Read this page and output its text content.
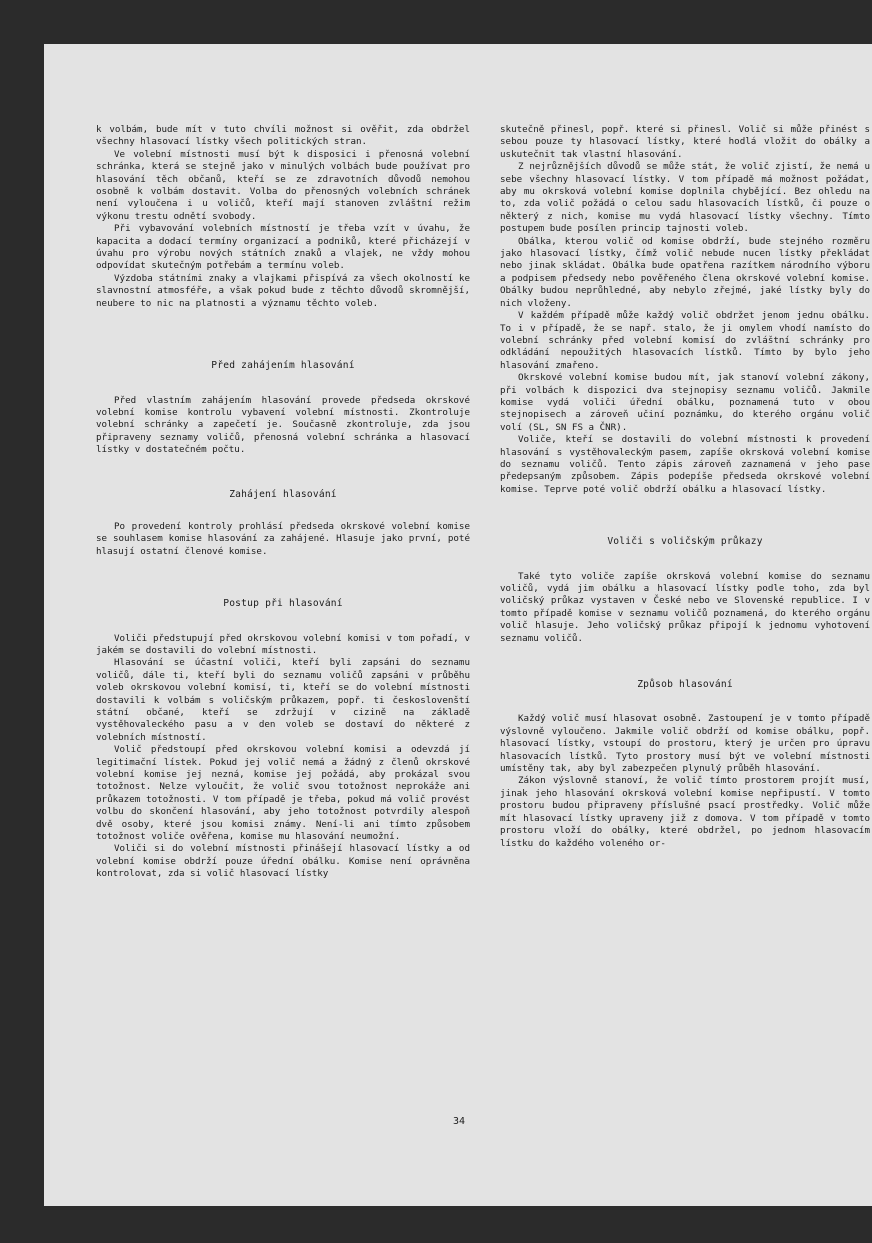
k volbám, bude mít v tuto chvíli možnost si ověřit, zda obdržel všechny hlasovací lístky všech politických stran.

Ve volební místnosti musí být k disposici i přenosná volební schránka, která se stejně jako v minulých volbách bude používat pro hlasování těch občanů, kteří se ze zdravotních důvodů nemohou osobně k volbám dostavit. Volba do přenosných volebních schránek není vyloučena i u voličů, kteří mají stanoven zvláštní režim výkonu trestu odnětí svobody.

Při vybavování volebních místností je třeba vzít v úvahu, že kapacita a dodací termíny organizací a podniků, které přicházejí v úvahu pro výrobu nových státních znaků a vlajek, ne vždy mohou odpovídat skutečným potřebám a termínu voleb.

Výzdoba státními znaky a vlajkami přispívá za všech okolností ke slavnostní atmosféře, a však pokud bude z těchto důvodů skromnější, neubere to nic na platnosti a významu těchto voleb.

Před zahájením hlasování

Před vlastním zahájením hlasování provede předseda okrskové volební komise kontrolu vybavení volební místnosti. Zkontroluje volební schránky a zapečetí je. Současně zkontroluje, zda jsou připraveny seznamy voličů, přenosná volební schránka a hlasovací lístky v dostatečném počtu.

Zahájení hlasování

Po provedení kontroly prohlásí předseda okrskové volební komise se souhlasem komise hlasování za zahájené. Hlasuje jako první, poté hlasují ostatní členové komise.

Postup při hlasování

Voliči předstupují před okrskovou volební komisi v tom pořadí, v jakém se dostavili do volební místnosti.

Hlasování se účastní voliči, kteří byli zapsáni do seznamu voličů, dále ti, kteří byli do seznamu voličů zapsáni v průběhu voleb okrskovou volební komisí, ti, kteří se do volební místnosti dostavili k volbám s voličským průkazem, popř. ti českoslovenští státní občané, kteří se zdržují v cizině na základě vystěhovaleckého pasu a v den voleb se dostaví do některé z volebních místností.

Volič předstoupí před okrskovou volební komisi a odevzdá jí legitimační lístek. Pokud jej volič nemá a žádný z členů okrskové volební komise jej nezná, komise jej požádá, aby prokázal svou totožnost. Nelze vyloučit, že volič svou totožnost neprokáže ani průkazem totožnosti. V tom případě je třeba, pokud má volič provést volbu do skončení hlasování, aby jeho totožnost potvrdily alespoň dvě osoby, které jsou komisi známy. Není-li ani tímto způsobem totožnost voliče ověřena, komise mu hlasování neumožní.

Voliči si do volební místnosti přinášejí hlasovací lístky a od volební komise obdrží pouze úřední obálku. Komise není oprávněna kontrolovat, zda si volič hlasovací lístky

skutečně přinesl, popř. které si přinesl. Volič si může přinést s sebou pouze ty hlasovací lístky, které hodlá vložit do obálky a uskutečnit tak vlastní hlasování.

Z nejrůznějších důvodů se může stát, že volič zjistí, že nemá u sebe všechny hlasovací lístky. V tom případě má možnost požádat, aby mu okrsková volební komise doplnila chybějící. Bez ohledu na to, zda volič požádá o celou sadu hlasovacích lístků, či pouze o některý z nich, komise mu vydá hlasovací lístky všechny. Tímto postupem bude posílen princip tajnosti voleb.

Obálka, kterou volič od komise obdrží, bude stejného rozměru jako hlasovací lístky, čímž volič nebude nucen lístky překládat nebo jinak skládat. Obálka bude opatřena razítkem národního výboru a podpisem předsedy nebo pověřeného člena okrskové volební komise. Obálky budou neprůhledné, aby nebylo zřejmé, jaké lístky byly do nich vloženy.

V každém případě může každý volič obdržet jenom jednu obálku. To i v případě, že se např. stalo, že ji omylem vhodí namísto do volební schránky před volební komisí do zvláštní schránky pro odkládání nepoužitých hlasovacích lístků. Tímto by bylo jeho hlasování zmařeno.

Okrskové volební komise budou mít, jak stanoví volební zákony, při volbách k dispozici dva stejnopisy seznamu voličů. Jakmile komise vydá voliči úřední obálku, poznamená tuto v obou stejnopisech a zároveň učiní poznámku, do kterého orgánu volič volí (SL, SN FS a ČNR).

Voliče, kteří se dostavili do volební místnosti k provedení hlasování s vystěhovaleckým pasem, zapíše okrsková volební komise do seznamu voličů. Tento zápis zároveň zaznamená v jeho pase předepsaným způsobem. Zápis podepíše předseda okrskové volební komise. Teprve poté volič obdrží obálku a hlasovací lístky.

Voliči s voličským průkazy

Také tyto voliče zapíše okrsková volební komise do seznamu voličů, vydá jim obálku a hlasovací lístky podle toho, zda byl voličský průkaz vystaven v České nebo ve Slovenské republice. I v tomto případě komise v seznamu voličů poznamená, do kterého orgánu volič hlasuje. Jeho voličský průkaz připojí k jednomu vyhotovení seznamu voličů.

Způsob hlasování

Každý volič musí hlasovat osobně. Zastoupení je v tomto případě výslovně vyloučeno. Jakmile volič obdrží od komise obálku, popř. hlasovací lístky, vstoupí do prostoru, který je určen pro úpravu hlasovacích lístků. Tyto prostory musí být ve volební místnosti umístěny tak, aby byl zabezpečen plynulý průběh hlasování.

Zákon výslovně stanoví, že volič tímto prostorem projít musí, jinak jeho hlasování okrsková volební komise nepřipustí. V tomto prostoru budou připraveny příslušné psací prostředky. Volič může mít hlasovací lístky upraveny již z domova. V tom případě v tomto prostoru vloží do obálky, které obdržel, po jednom hlasovacím lístku do každého voleného or-

34
